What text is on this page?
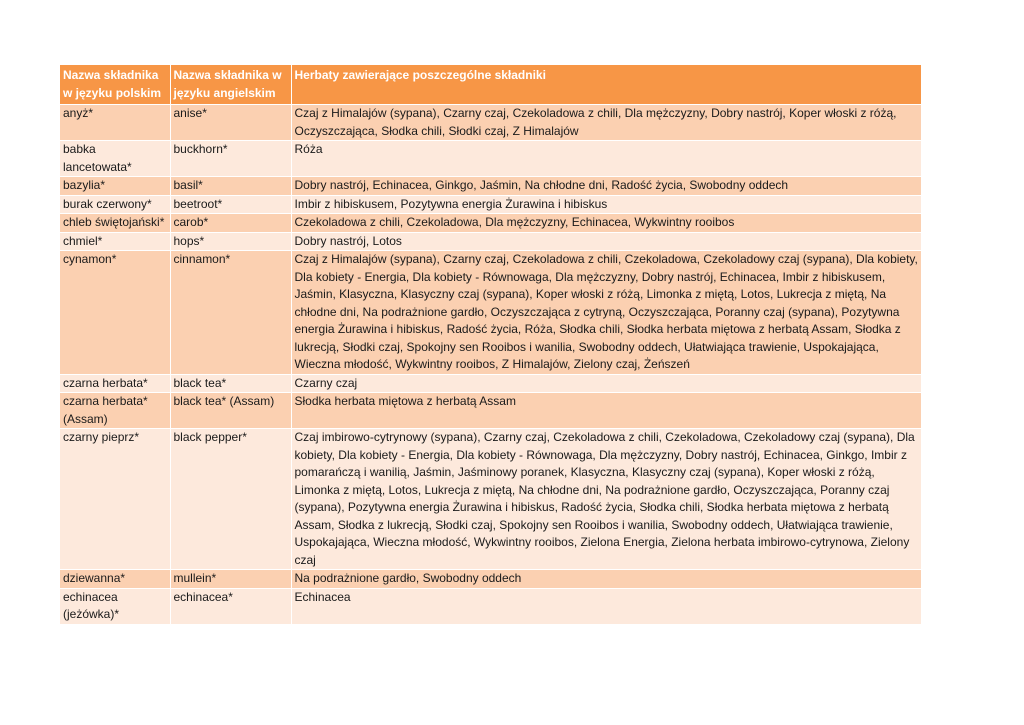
Nazwa składnika w języku polskim	Nazwa składnika w języku angielskim	Herbaty zawierające poszczególne składniki
anyż*	anise*	Czaj z Himalajów (sypana), Czarny czaj, Czekoladowa z chili, Dla mężczyzny, Dobry nastrój, Koper włoski z różą, Oczyszczająca, Słodka chili, Słodki czaj, Z Himalajów
babka lancetowata*	buckhorn*	Róża
bazylia*	basil*	Dobry nastrój, Echinacea, Ginkgo, Jaśmin, Na chłodne dni, Radość życia, Swobodny oddech
burak czerwony*	beetroot*	Imbir z hibiskusem, Pozytywna energia Żurawina i hibiskus
chleb świętojański*	carob*	Czekoladowa z chili, Czekoladowa, Dla mężczyzny, Echinacea, Wykwintny rooibos
chmiel*	hops*	Dobry nastrój, Lotos
cynamon*	cinnamon*	Czaj z Himalajów (sypana), Czarny czaj, Czekoladowa z chili, Czekoladowa, Czekoladowy czaj (sypana), Dla kobiety, Dla kobiety - Energia, Dla kobiety - Równowaga, Dla mężczyzny, Dobry nastrój, Echinacea, Imbir z hibiskusem, Jaśmin, Klasyczna, Klasyczny czaj (sypana), Koper włoski z różą, Limonka z miętą, Lotos, Lukrecja z miętą, Na chłodne dni, Na podrażnione gardło, Oczyszczająca z cytryną, Oczyszczająca, Poranny czaj (sypana), Pozytywna energia Żurawina i hibiskus, Radość życia, Róża, Słodka chili, Słodka herbata miętowa z herbatą Assam, Słodka z lukrecją, Słodki czaj, Spokojny sen Rooibos i wanilia, Swobodny oddech, Ułatwiająca trawienie, Uspokajająca, Wieczna młodość, Wykwintny rooibos, Z Himalajów, Zielony czaj, Żeńszeń
czarna herbata*	black tea*	Czarny czaj
czarna herbata* (Assam)	black tea* (Assam)	Słodka herbata miętowa z herbatą Assam
czarny pieprz*	black pepper*	Czaj imbirowo-cytrynowy (sypana), Czarny czaj, Czekoladowa z chili, Czekoladowa, Czekoladowy czaj (sypana), Dla kobiety, Dla kobiety - Energia, Dla kobiety - Równowaga, Dla mężczyzny, Dobry nastrój, Echinacea, Ginkgo, Imbir z pomarańczą i wanilią, Jaśmin, Jaśminowy poranek, Klasyczna, Klasyczny czaj (sypana), Koper włoski z różą, Limonka z miętą, Lotos, Lukrecja z miętą, Na chłodne dni, Na podrażnione gardło, Oczyszczająca, Poranny czaj (sypana), Pozytywna energia Żurawina i hibiskus, Radość życia, Słodka chili, Słodka herbata miętowa z herbatą Assam, Słodka z lukrecją, Słodki czaj, Spokojny sen Rooibos i wanilia, Swobodny oddech, Ułatwiająca trawienie, Uspokajająca, Wieczna młodość, Wykwintny rooibos, Zielona Energia, Zielona herbata imbirowo-cytrynowa, Zielony czaj
dziewanna*	mullein*	Na podrażnione gardło, Swobodny oddech
echinacea (jeżówka)*	echinacea*	Echinacea
